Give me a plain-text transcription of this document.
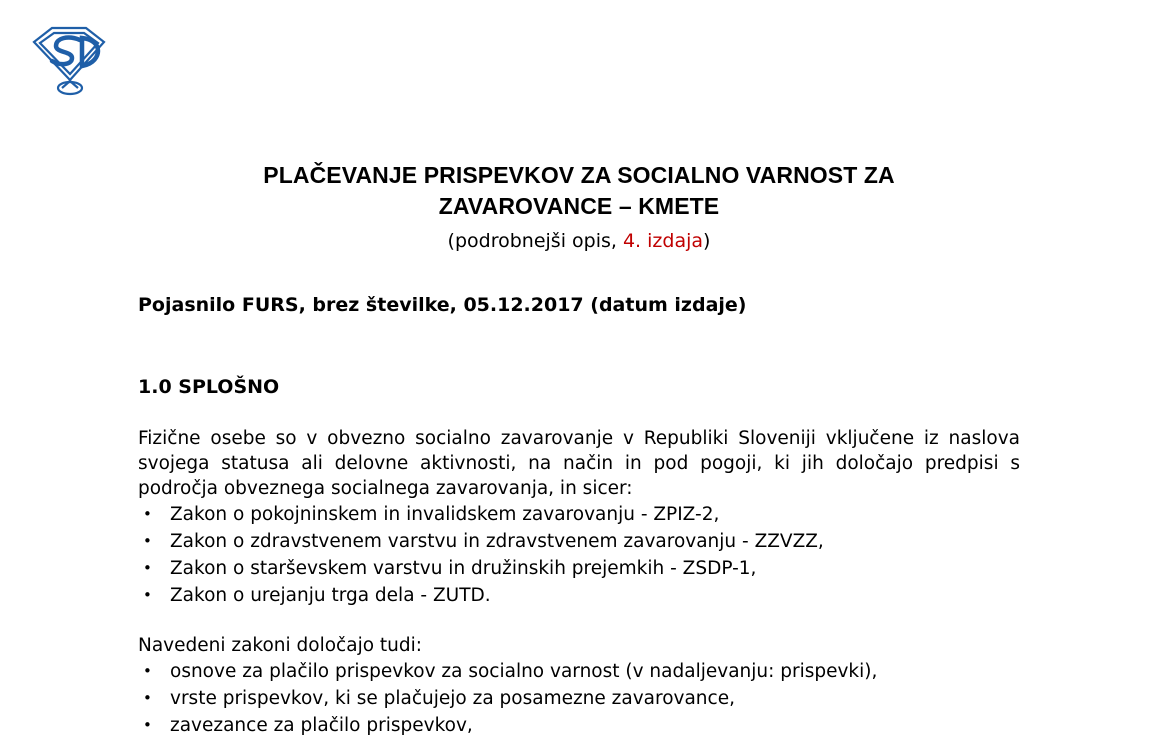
PLAČEVANJE PRISPEVKOV ZA SOCIALNO VARNOST ZA
ZAVAROVANCE – KMETE

(podrobnejši opis, 4. izdaja)

Pojasnilo FURS, brez številke, 05.12.2017 (datum izdaje)

1.0 SPLOŠNO

Fizične osebe so v obvezno socialno zavarovanje v Republiki Sloveniji vključene iz naslova svojega statusa ali delovne aktivnosti, na način in pod pogoji, ki jih določajo predpisi s področja obveznega socialnega zavarovanja, in sicer:

• Zakon o pokojninskem in invalidskem zavarovanju - ZPIZ-2,
• Zakon o zdravstvenem varstvu in zdravstvenem zavarovanju - ZZVZZ,
• Zakon o starševskem varstvu in družinskih prejemkih - ZSDP-1,
• Zakon o urejanju trga dela - ZUTD.

Navedeni zakoni določajo tudi:

• osnove za plačilo prispevkov za socialno varnost (v nadaljevanju: prispevki),
• vrste prispevkov, ki se plačujejo za posamezne zavarovance,
• zavezance za plačilo prispevkov,
